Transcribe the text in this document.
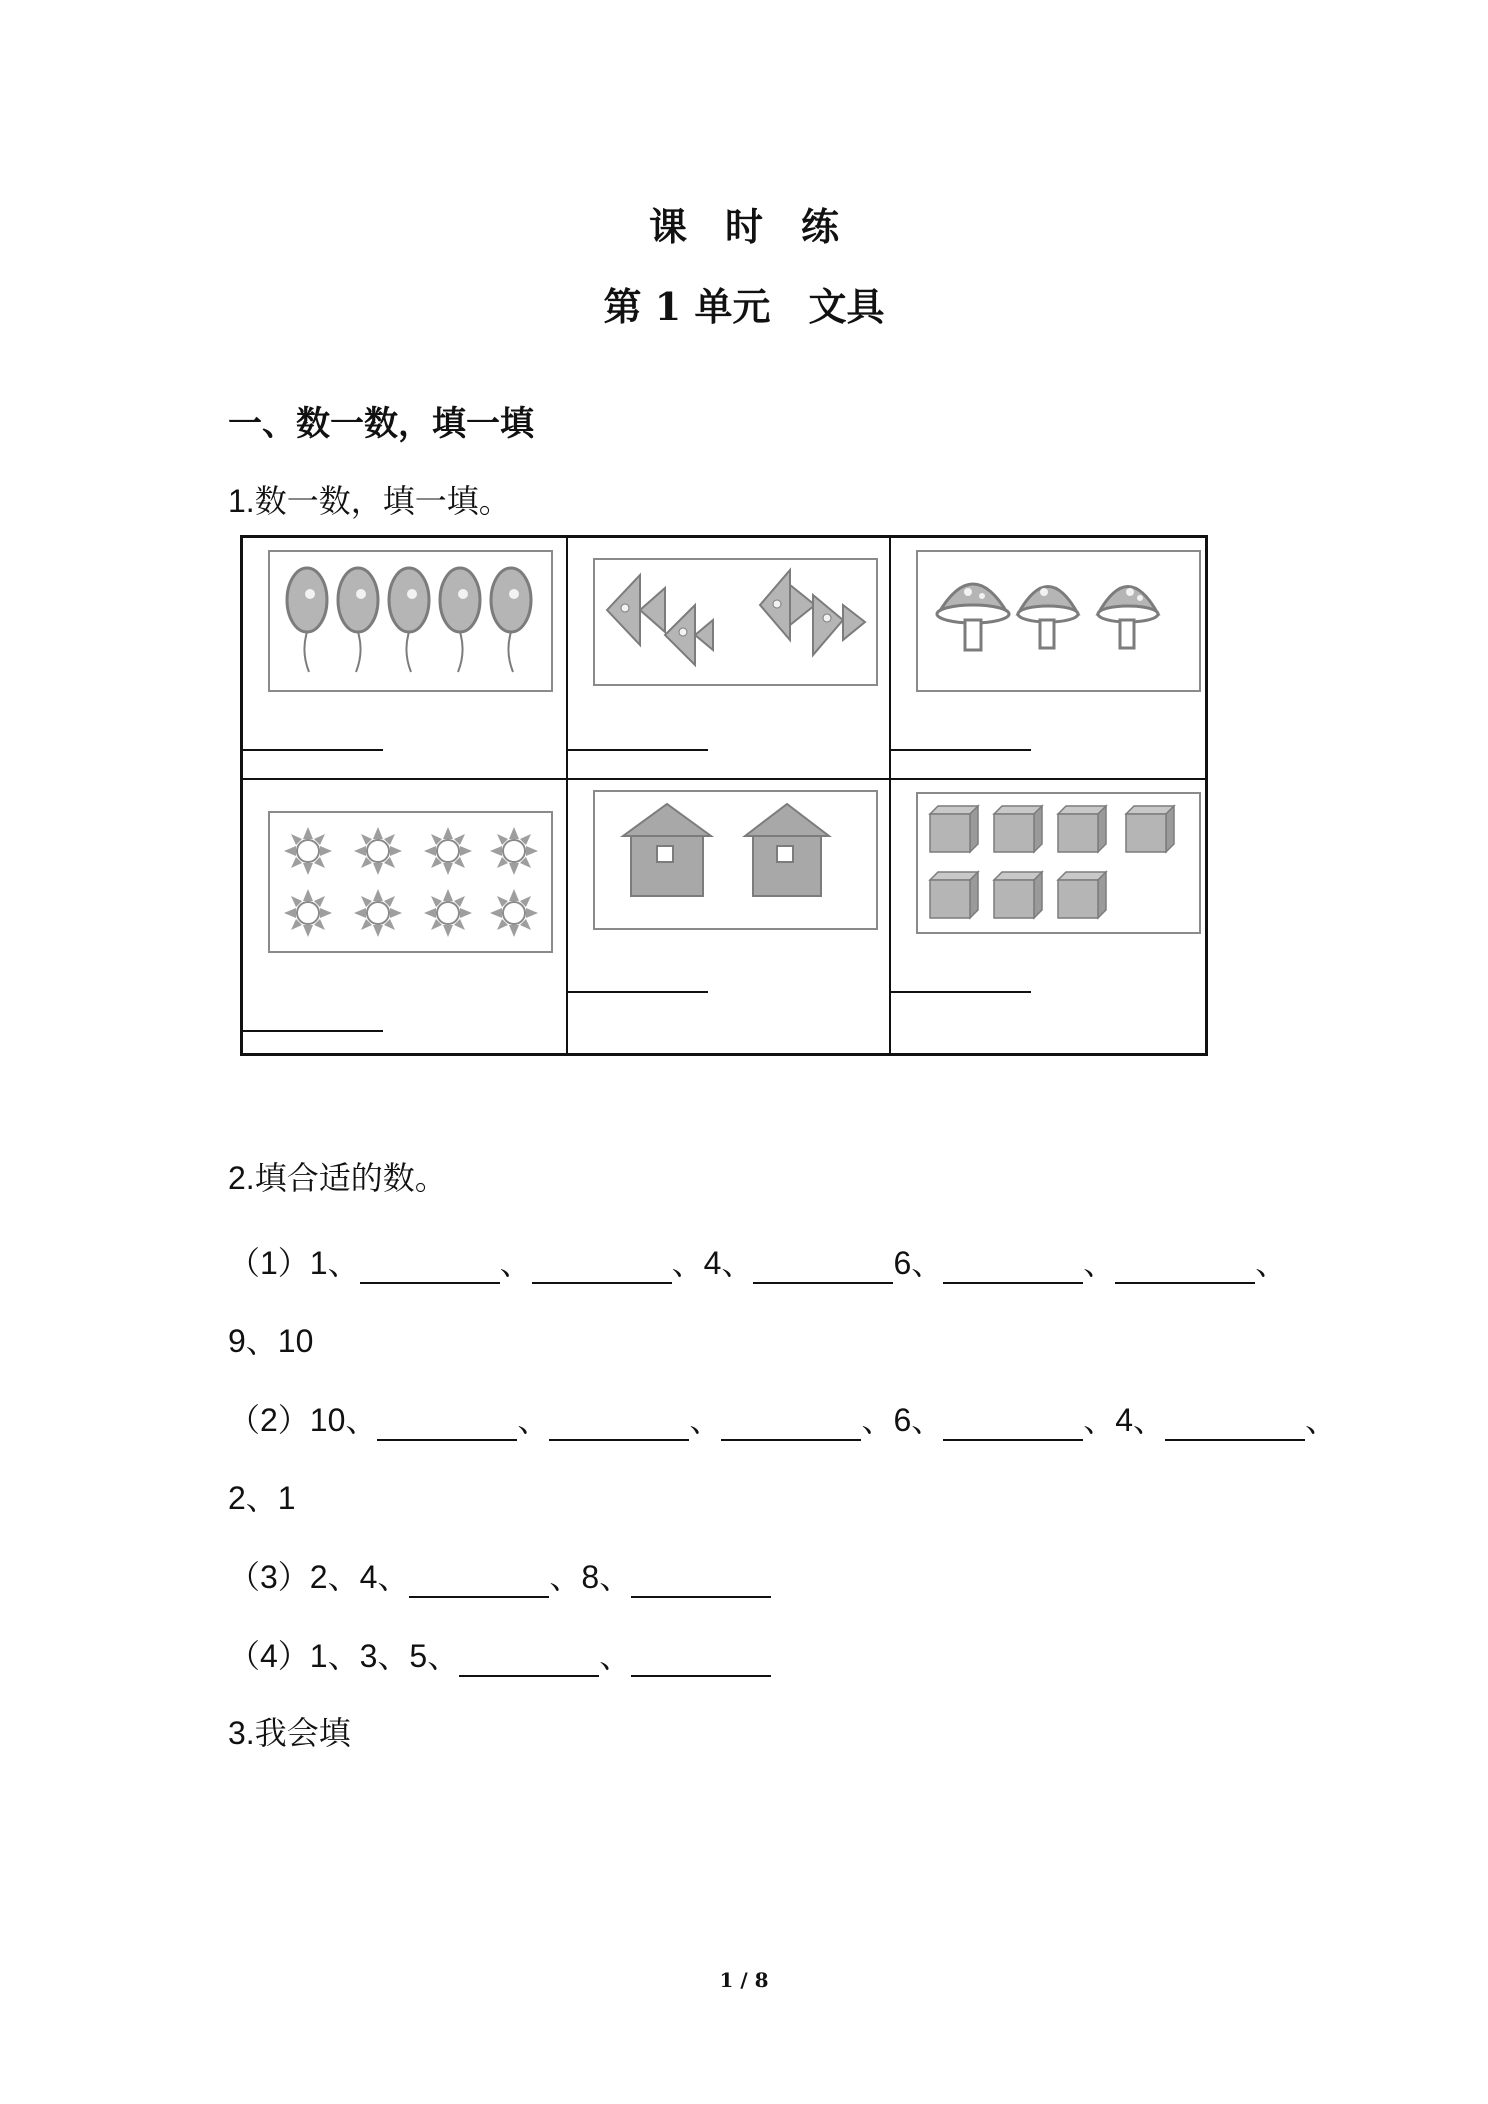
课　时　练
第 1 单元　文具
一、数一数，填一填
1.数一数，填一填。
2.填合适的数。
（1）1、	、	、4、	6、	、	、
9、10
（2）10、	、	、	、6、	、4、	、
2、1
（3）2、4、	、8、
（4）1、3、5、	、
3.我会填
1 / 8
